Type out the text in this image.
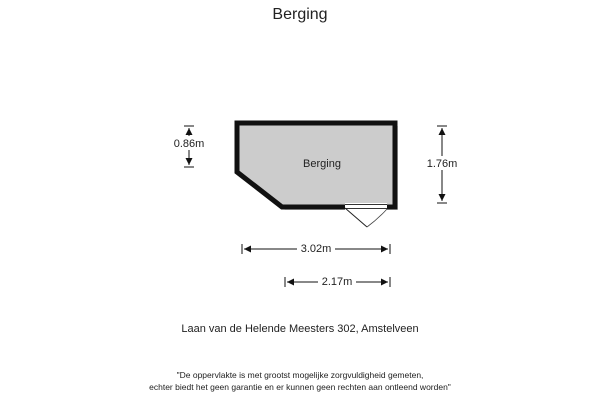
Berging
Berging
0.86m
1.76m
3.02m
2.17m
Laan van de Helende Meesters 302, Amstelveen
"De oppervlakte is met grootst mogelijke zorgvuldigheid gemeten,
echter biedt het geen garantie en er kunnen geen rechten aan ontleend worden"
